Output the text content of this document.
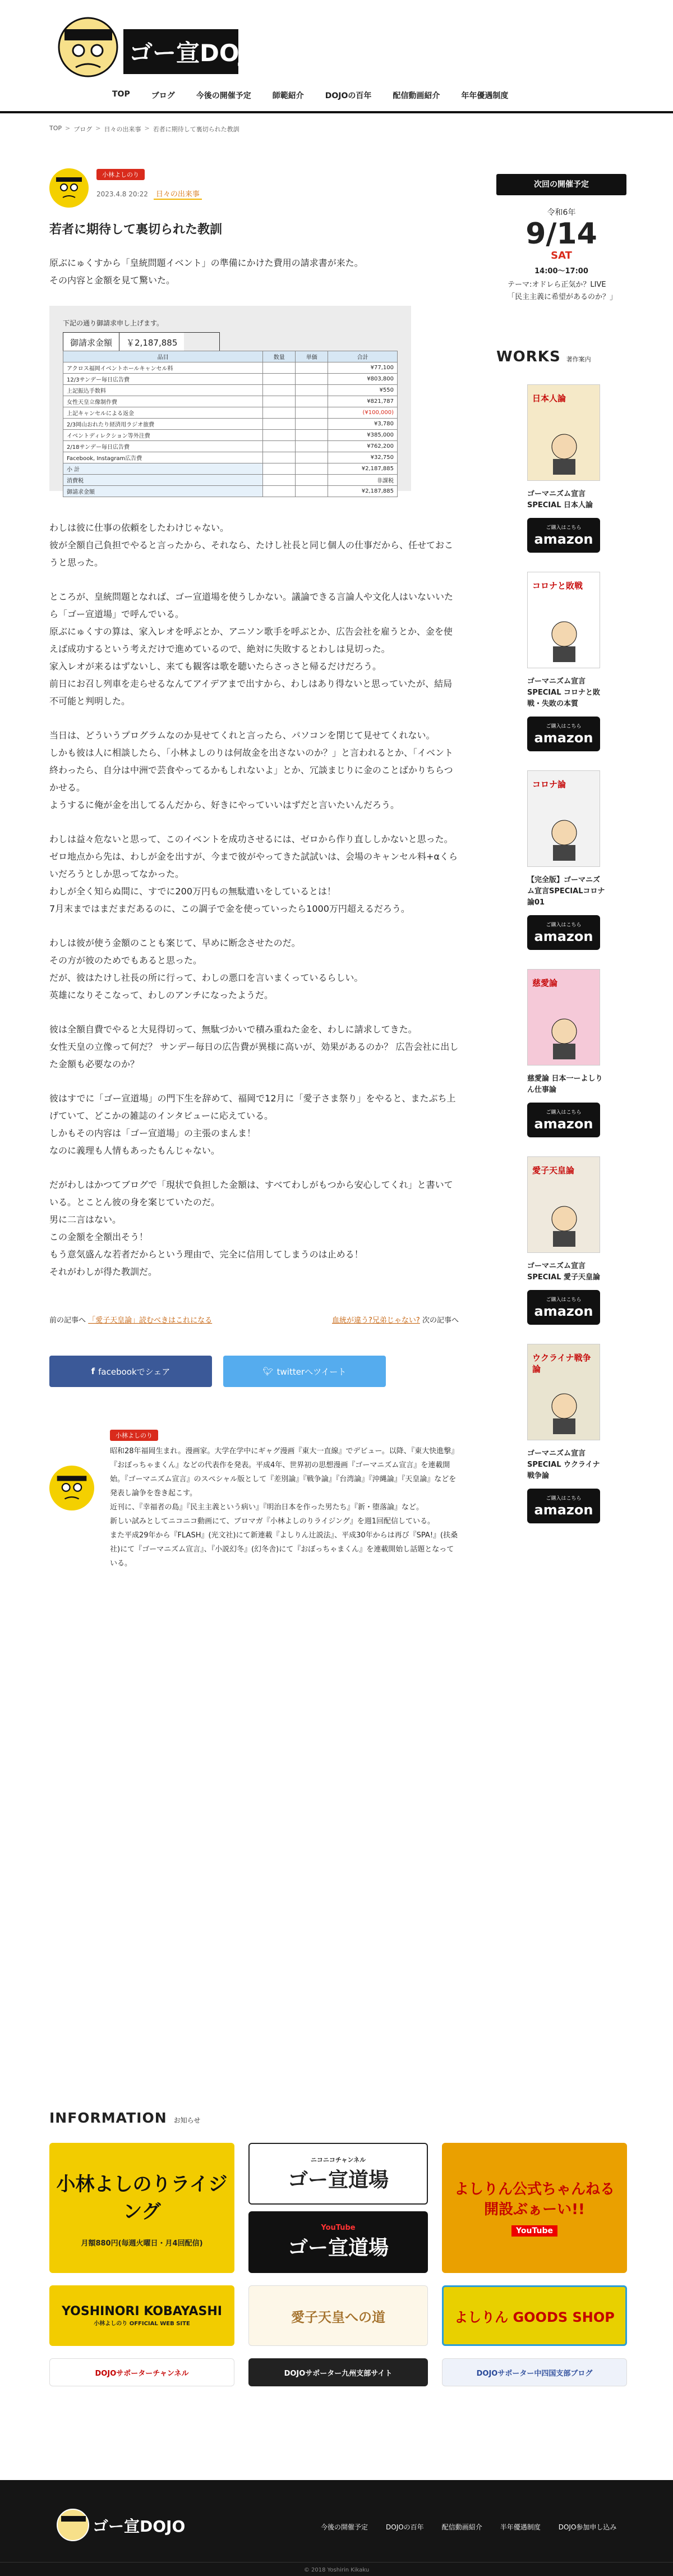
ゴー宣DOJO
TOP	ブログ	今後の開催予定	師範紹介	DOJOの百年	配信動画紹介	年年優遇制度
TOP > ブログ > 日々の出来事 > 若者に期待して裏切られた教訓
小林よしのり
2023.4.8 20:22	日々の出来事
若者に期待して裏切られた教訓

原ぶにゅくすから「皇統問題イベント」の準備にかけた費用の請求書が来た。
その内容と金額を見て驚いた。

下記の通り御請求申し上げます。
御請求金額	￥2,187,885
品目	数量	単価	合計
アクロス福岡イベントホールキャンセル料			¥77,100
12/3サンデー毎日広告費			¥803,800
上記振込手数料			¥550
女性天皇立像制作費			¥821,787
上記キャンセルによる返金			(¥100,000)
2/3岡山おれたり経済用ラジオ旅費			¥3,780
イベントディレクション等外注費			¥385,000
2/18サンデー毎日広告費			¥762,200
Facebook, Instagram広告費			¥32,750
小 計			¥2,187,885
消費税			非課税
御請求金額			¥2,187,885

わしは彼に仕事の依頼をしたわけじゃない。
彼が全額自己負担でやると言ったから、それなら、たけし社長と同じ個人の仕事だから、任せておこうと思った。

ところが、皇統問題となれば、ゴー宣道場を使うしかない。議論できる言論人や文化人はいないいたら「ゴー宣道場」で呼んでいる。
原ぶにゅくすの算は、家入レオを呼ぶとか、アニソン歌手を呼ぶとか、広告会社を雇うとか、金を使えば成功するという考えだけで進めているので、絶対に失敗するとわしは見切った。
家入レオが来るはずないし、来ても観客は歌を聴いたらさっさと帰るだけだろう。
前日にお召し列車を走らせるなんてアイデアまで出すから、わしはあり得ないと思っていたが、結局不可能と判明した。

当日は、どういうプログラムなのか見せてくれと言ったら、パソコンを閉じて見せてくれない。
しかも彼は人に相談したら、「小林よしのりは何故金を出さないのか？」と言われるとか、「イベント終わったら、自分は中洲で芸食やってるかもしれないよ」とか、冗談まじりに金のことばかりちらつかせる。
ようするに俺が金を出してるんだから、好きにやっていいはずだと言いたいんだろう。

わしは益々危ないと思って、このイベントを成功させるには、ゼロから作り直ししかないと思った。
ゼロ地点から先は、わしが金を出すが、今まで彼がやってきた試試いは、会場のキャンセル料+αくらいだろうとしか思ってなかった。
わしが全く知らぬ間に、すでに200万円もの無駄遣いをしているとは！
7月末まではまだまだあるのに、この調子で金を使っていったら1000万円超えるだろう。

わしは彼が使う金額のことも案じて、早めに断念させたのだ。
その方が彼のためでもあると思った。
だが、彼はたけし社長の所に行って、わしの悪口を言いまくっているらしい。
英雄になりそこなって、わしのアンチになったようだ。

彼は全額自費でやると大見得切って、無駄づかいで積み重ねた金を、わしに請求してきた。
女性天皇の立像って何だ？ サンデー毎日の広告費が異様に高いが、効果があるのか？ 広告会社に出した金額も必要なのか？

彼はすでに「ゴー宣道場」の門下生を辞めて、福岡で12月に「愛子さま祭り」をやると、またぶち上げていて、どこかの雑誌のインタビューに応えている。
しかもその内容は「ゴー宣道場」の主張のまんま！
なのに義理も人情もあったもんじゃない。

だがわしはかつてブログで「現状で負担した金額は、すべてわしがもつから安心してくれ」と書いている。とことん彼の身を案じていたのだ。
男に二言はない。
この金額を全額出そう！
もう意気盛んな若者だからという理由で、完全に信用してしまうのは止める！
それがわしが得た教訓だ。

前の記事へ 「愛子天皇論」読むべきはこれになる	血統が違う?兄弟じゃない? 次の記事へ
f facebookでシェア	🐦︎ twitterへツイート
小林よしのり
昭和28年福岡生まれ。漫画家。大学在学中にギャグ漫画『東大一直線』でデビュー。以降、『東大快進撃』『おぼっちゃまくん』などの代表作を発表。平成4年、世界初の思想漫画『ゴーマニズム宣言』を連載開始。『ゴーマニズム宣言』のスペシャル版として『差別論』『戦争論』『台湾論』『沖縄論』『天皇論』などを発表し論争を巻き起こす。
近刊に、『幸福者の島』『民主主義という病い』『明治日本を作った男たち』『新・堕落論』など。
新しい試みとしてニコニコ動画にて、ブロマガ『小林よしのりライジング』を週1回配信している。
また平成29年から『FLASH』(光文社)にて新連載『よしりん辻説法』、平成30年からは再び『SPA!』(扶桑社)にて『ゴーマニズム宣言』、『小説幻冬』(幻冬舎)にて『おぼっちゃまくん』を連載開始し話題となっている。
次回の開催予定
令和6年
9/14
SAT
14:00〜17:00
テーマ:オドレら正気か？LIVE「民主主義に希望があるのか？」
WORKS 著作案内
日本人論
ゴーマニズム宣言SPECIAL 日本人論
ご購入はこちら
amazon
コロナと敗戦
ゴーマニズム宣言SPECIAL コロナと敗戦・失敗の本質
ご購入はこちら
amazon
コロナ論
【完全版】ゴーマニズム宣言SPECIALコロナ論01
ご購入はこちら
amazon
慈愛論
慈愛論 日本一ーよしりん仕事論
ご購入はこちら
amazon
愛子天皇論
ゴーマニズム宣言SPECIAL 愛子天皇論
ご購入はこちら
amazon
ウクライナ戦争論
ゴーマニズム宣言SPECIAL ウクライナ戦争論
ご購入はこちら
amazon
INFORMATION お知らせ
小林よしのりライジング
月額880円(毎週火曜日・月4回配信)
ニコニコチャンネル
ゴー宣道場
YouTube
ゴー宣道場
よしりん公式ちゃんねる 開設ぶぁーい!!
YouTube
YOSHINORI KOBAYASHI
小林よしのり OFFICIAL WEB SITE	愛子天皇への道	よしりん GOODS SHOP
DOJOサポーターチャンネル	DOJOサポーター九州支部サイト	DOJOサポーター中四国支部ブログ
ゴー宣DOJO	今後の開催予定	DOJOの百年	配信動画紹介	半年優遇制度	DOJO参加申し込み
© 2018 Yoshirin Kikaku
